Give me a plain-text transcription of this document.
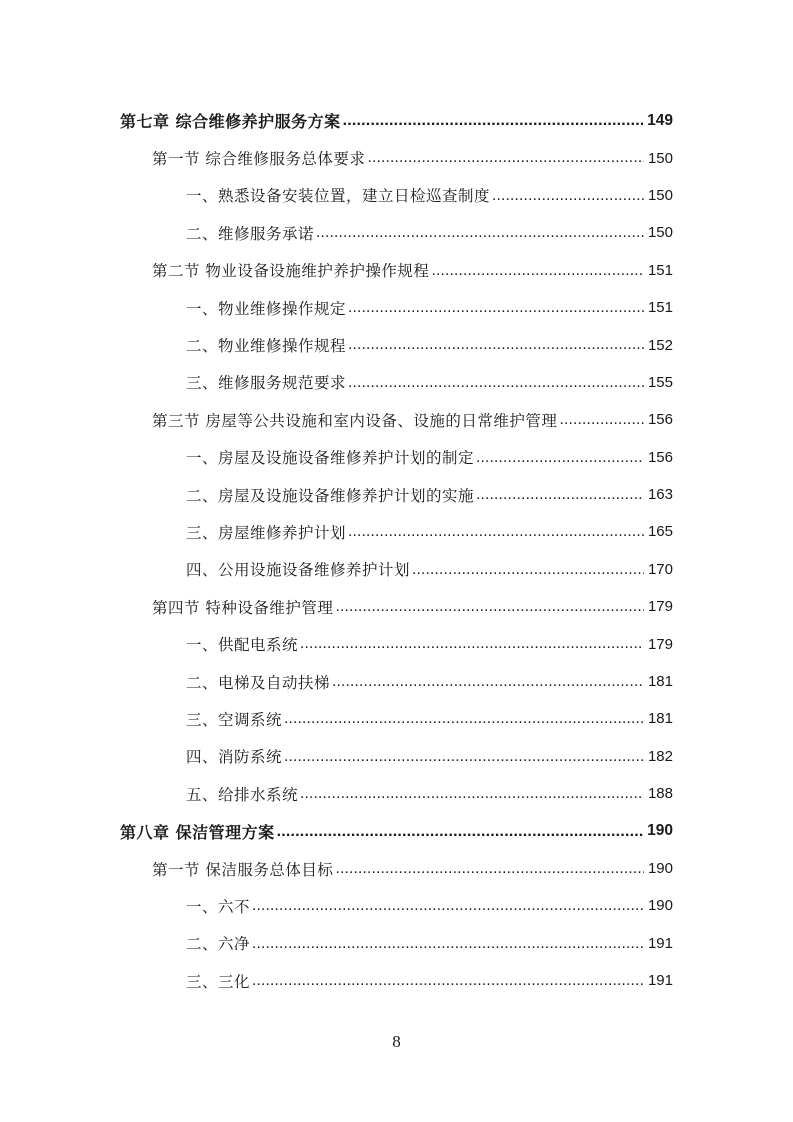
第七章 综合维修养护服务方案 .....	149
第一节 综合维修服务总体要求 .....	150
一、熟悉设备安装位置，建立日检巡查制度 .....	150
二、维修服务承诺 .....	150
第二节 物业设备设施维护养护操作规程 .....	151
一、物业维修操作规定 .....	151
二、物业维修操作规程 .....	152
三、维修服务规范要求 .....	155
第三节 房屋等公共设施和室内设备、设施的日常维护管理 .....	156
一、房屋及设施设备维修养护计划的制定 .....	156
二、房屋及设施设备维修养护计划的实施 .....	163
三、房屋维修养护计划 .....	165
四、公用设施设备维修养护计划 .....	170
第四节 特种设备维护管理 .....	179
一、供配电系统 .....	179
二、电梯及自动扶梯 .....	181
三、空调系统 .....	181
四、消防系统 .....	182
五、给排水系统 .....	188
第八章 保洁管理方案 .....	190
第一节 保洁服务总体目标 .....	190
一、六不 .....	190
二、六净 .....	191
三、三化 .....	191
8
